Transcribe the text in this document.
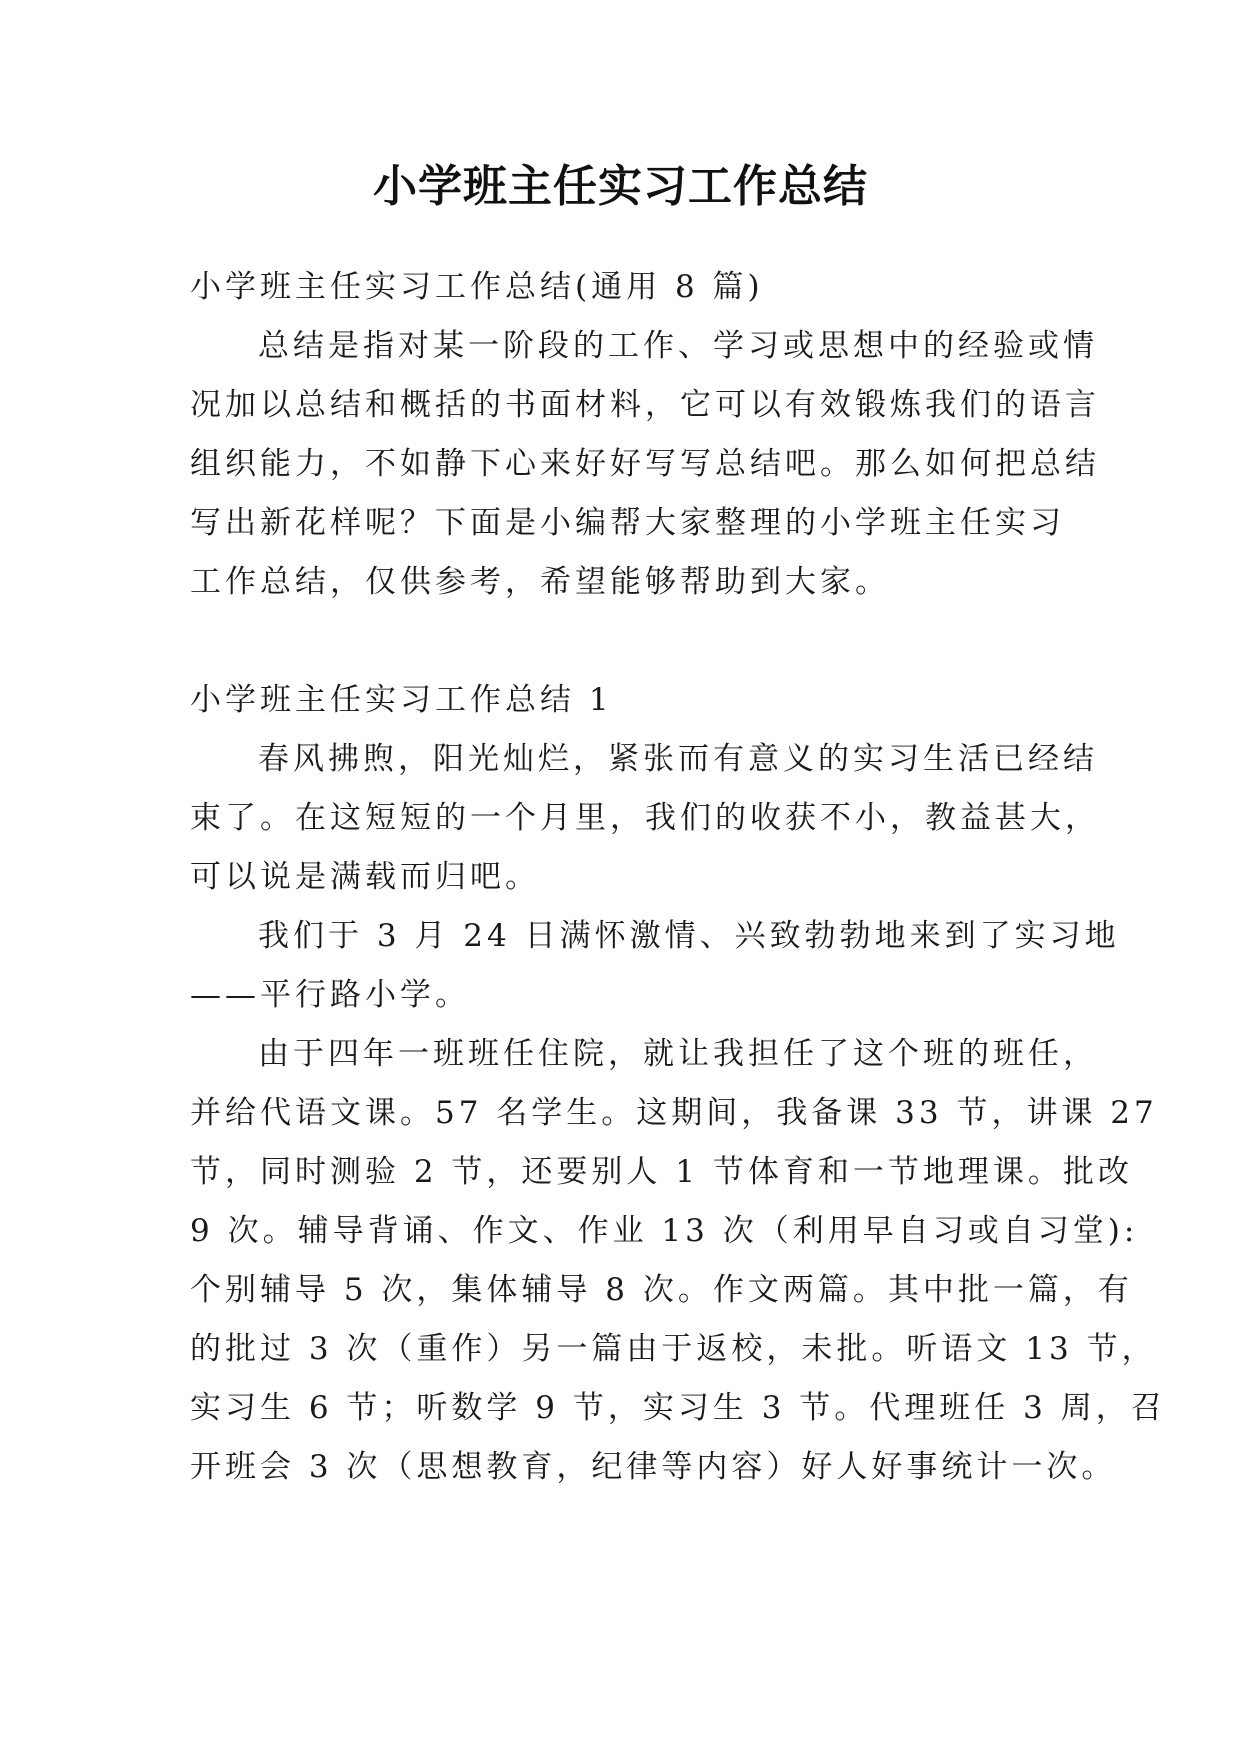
小学班主任实习工作总结
小学班主任实习工作总结(通用 8 篇)
总结是指对某一阶段的工作、学习或思想中的经验或情
况加以总结和概括的书面材料，它可以有效锻炼我们的语言
组织能力，不如静下心来好好写写总结吧。那么如何把总结
写出新花样呢？下面是小编帮大家整理的小学班主任实习
工作总结，仅供参考，希望能够帮助到大家。
小学班主任实习工作总结 1
春风拂煦，阳光灿烂，紧张而有意义的实习生活已经结
束了。在这短短的一个月里，我们的收获不小，教益甚大，
可以说是满载而归吧。
我们于 3 月 24 日满怀激情、兴致勃勃地来到了实习地
——平行路小学。
由于四年一班班任住院，就让我担任了这个班的班任，
并给代语文课。57 名学生。这期间，我备课 33 节，讲课 27
节，同时测验 2 节，还要别人 1 节体育和一节地理课。批改
9 次。辅导背诵、作文、作业 13 次（利用早自习或自习堂):
个别辅导 5 次，集体辅导 8 次。作文两篇。其中批一篇，有
的批过 3 次（重作）另一篇由于返校，未批。听语文 13 节，
实习生 6 节；听数学 9 节，实习生 3 节。代理班任 3 周，召
开班会 3 次（思想教育，纪律等内容）好人好事统计一次。
